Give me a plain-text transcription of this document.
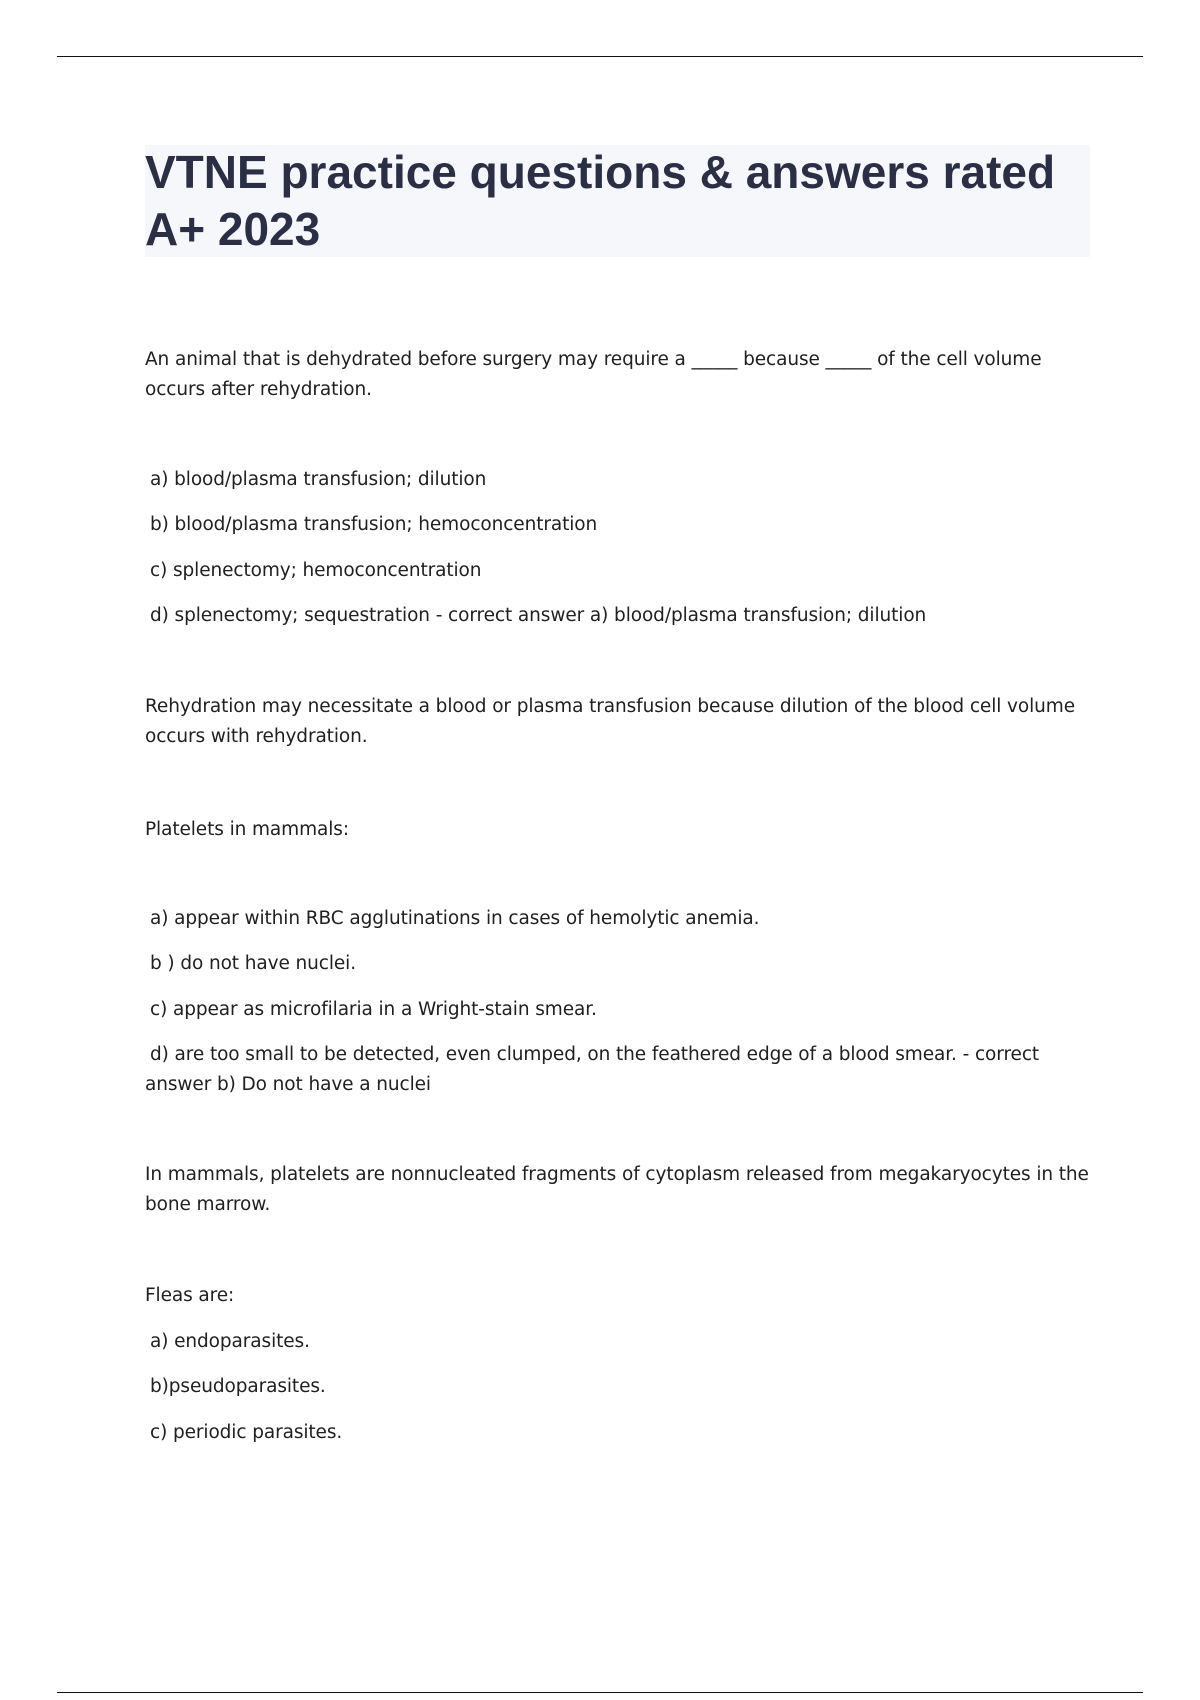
VTNE practice questions & answers rated A+ 2023

An animal that is dehydrated before surgery may require a _____ because _____ of the cell volume occurs after rehydration.

a) blood/plasma transfusion; dilution

b) blood/plasma transfusion; hemoconcentration

c) splenectomy; hemoconcentration

d) splenectomy; sequestration - correct answer a) blood/plasma transfusion; dilution

Rehydration may necessitate a blood or plasma transfusion because dilution of the blood cell volume occurs with rehydration.

Platelets in mammals:

a) appear within RBC agglutinations in cases of hemolytic anemia.

b ) do not have nuclei.

c) appear as microfilaria in a Wright-stain smear.

d) are too small to be detected, even clumped, on the feathered edge of a blood smear. - correct answer b) Do not have a nuclei

In mammals, platelets are nonnucleated fragments of cytoplasm released from megakaryocytes in the bone marrow.

Fleas are:

a) endoparasites.

b)pseudoparasites.

c) periodic parasites.
